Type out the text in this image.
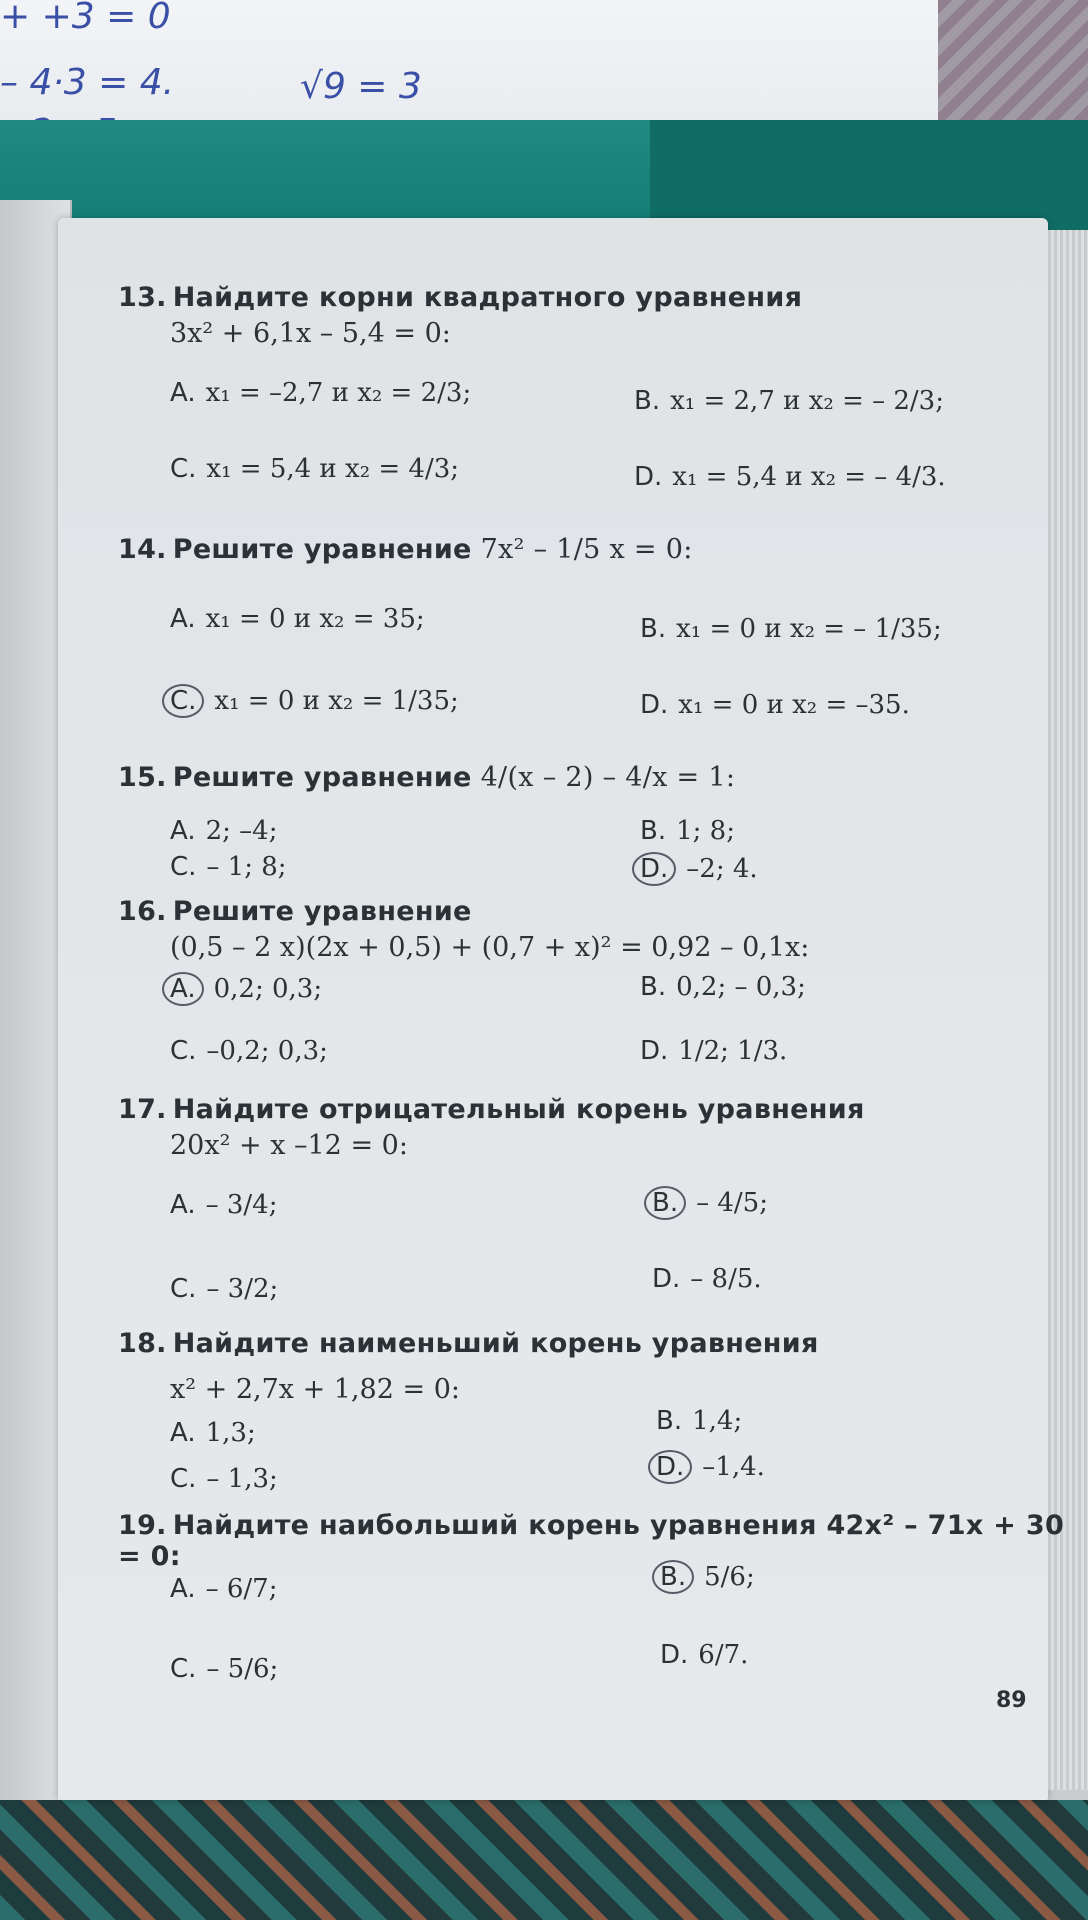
+ +3 = 0
– 4·3 = 4.	√9 = 3
13. Найдите корни квадратного уравнения
3x² + 6,1x – 5,4 = 0:
A. x₁ = –2,7 и x₂ = 2/3;	B. x₁ = 2,7 и x₂ = – 2/3;
C. x₁ = 5,4 и x₂ = 4/3;	D. x₁ = 5,4 и x₂ = – 4/3.
14. Решите уравнение 7x² – 1/5 x = 0:
A. x₁ = 0 и x₂ = 35;	B. x₁ = 0 и x₂ = – 1/35;
C. x₁ = 0 и x₂ = 1/35;	D. x₁ = 0 и x₂ = –35.
15. Решите уравнение 4/(x – 2) – 4/x = 1:
A. 2; –4;	B. 1; 8;
C. – 1; 8;	D. –2; 4.
16. Решите уравнение
(0,5 – 2 x)(2x + 0,5) + (0,7 + x)² = 0,92 – 0,1x:
A. 0,2; 0,3;	B. 0,2; – 0,3;
C. –0,2; 0,3;	D. 1/2; 1/3.
17. Найдите отрицательный корень уравнения
20x² + x –12 = 0:
A. – 3/4;	B. – 4/5;
C. – 3/2;	D. – 8/5.
18. Найдите наименьший корень уравнения
x² + 2,7x + 1,82 = 0:
A. 1,3;	B. 1,4;
C. – 1,3;	D. –1,4.
19. Найдите наибольший корень уравнения 42x² – 71x + 30 = 0:
A. – 6/7;	B. 5/6;
C. – 5/6;	D. 6/7.
89
